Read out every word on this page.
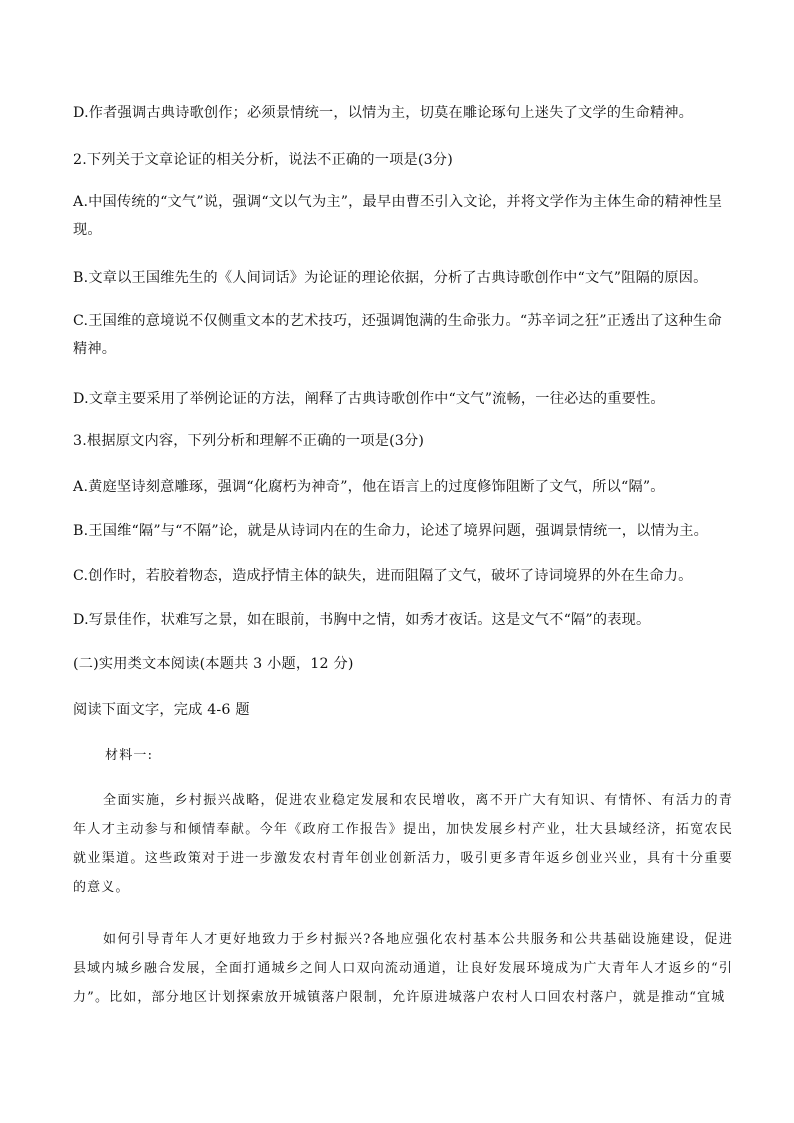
D.作者强调古典诗歌创作；必须景情统一，以情为主，切莫在雕论琢句上迷失了文学的生命精神。
2.下列关于文章论证的相关分析，说法不正确的一项是(3分)
A.中国传统的“文气”说，强调“文以气为主”，最早由曹丕引入文论，并将文学作为主体生命的精神性呈现。
B.文章以王国维先生的《人间词话》为论证的理论依据，分析了古典诗歌创作中“文气”阻隔的原因。
C.王国维的意境说不仅侧重文本的艺术技巧，还强调饱满的生命张力。“苏辛词之狂”正透出了这种生命精神。
D.文章主要采用了举例论证的方法，阐释了古典诗歌创作中“文气”流畅，一往必达的重要性。
3.根据原文内容，下列分析和理解不正确的一项是(3分)
A.黄庭坚诗刻意雕琢，强调“化腐朽为神奇”，他在语言上的过度修饰阻断了文气，所以“隔”。
B.王国维“隔”与“不隔”论，就是从诗词内在的生命力，论述了境界问题，强调景情统一，以情为主。
C.创作时，若胶着物态，造成抒情主体的缺失，进而阻隔了文气，破坏了诗词境界的外在生命力。
D.写景佳作，状难写之景，如在眼前，书胸中之情，如秀才夜话。这是文气不“隔”的表现。
(二)实用类文本阅读(本题共 3 小题，12 分)
阅读下面文字，完成 4-6 题
材料一:
全面实施，乡村振兴战略，促进农业稳定发展和农民增收，离不开广大有知识、有情怀、有活力的青年人才主动参与和倾情奉献。今年《政府工作报告》提出，加快发展乡村产业，壮大县域经济，拓宽农民就业渠道。这些政策对于进一步激发农村青年创业创新活力，吸引更多青年返乡创业兴业，具有十分重要的意义。
如何引导青年人才更好地致力于乡村振兴?各地应强化农村基本公共服务和公共基础设施建设，促进县域内城乡融合发展，全面打通城乡之间人口双向流动通道，让良好发展环境成为广大青年人才返乡的“引力”。比如，部分地区计划探索放开城镇落户限制，允许原进城落户农村人口回农村落户，就是推动“宜城
